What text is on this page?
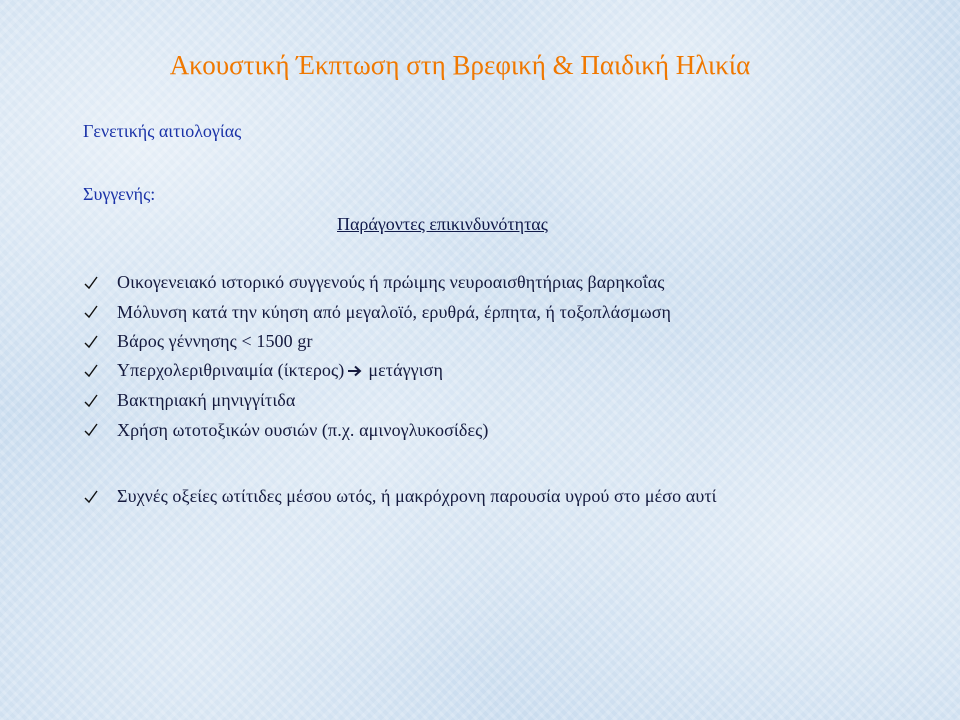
Ακουστική Έκπτωση στη Βρεφική & Παιδική Ηλικία
Γενετικής αιτιολογίας
Συγγενής:
Παράγοντες επικινδυνότητας
Οικογενειακό ιστορικό συγγενούς ή πρώιμης νευροαισθητήριας βαρηκοΐας
Μόλυνση κατά την κύηση από μεγαλοϊό, ερυθρά, έρπητα, ή τοξοπλάσμωση
Βάρος γέννησης < 1500 gr
Υπερχολεριθριναιμία (ίκτερος) μετάγγιση
Βακτηριακή μηνιγγίτιδα
Χρήση ωτοτοξικών ουσιών (π.χ. αμινογλυκοσίδες)
Συχνές οξείες ωτίτιδες μέσου ωτός, ή μακρόχρονη παρουσία υγρού στο μέσο αυτί
